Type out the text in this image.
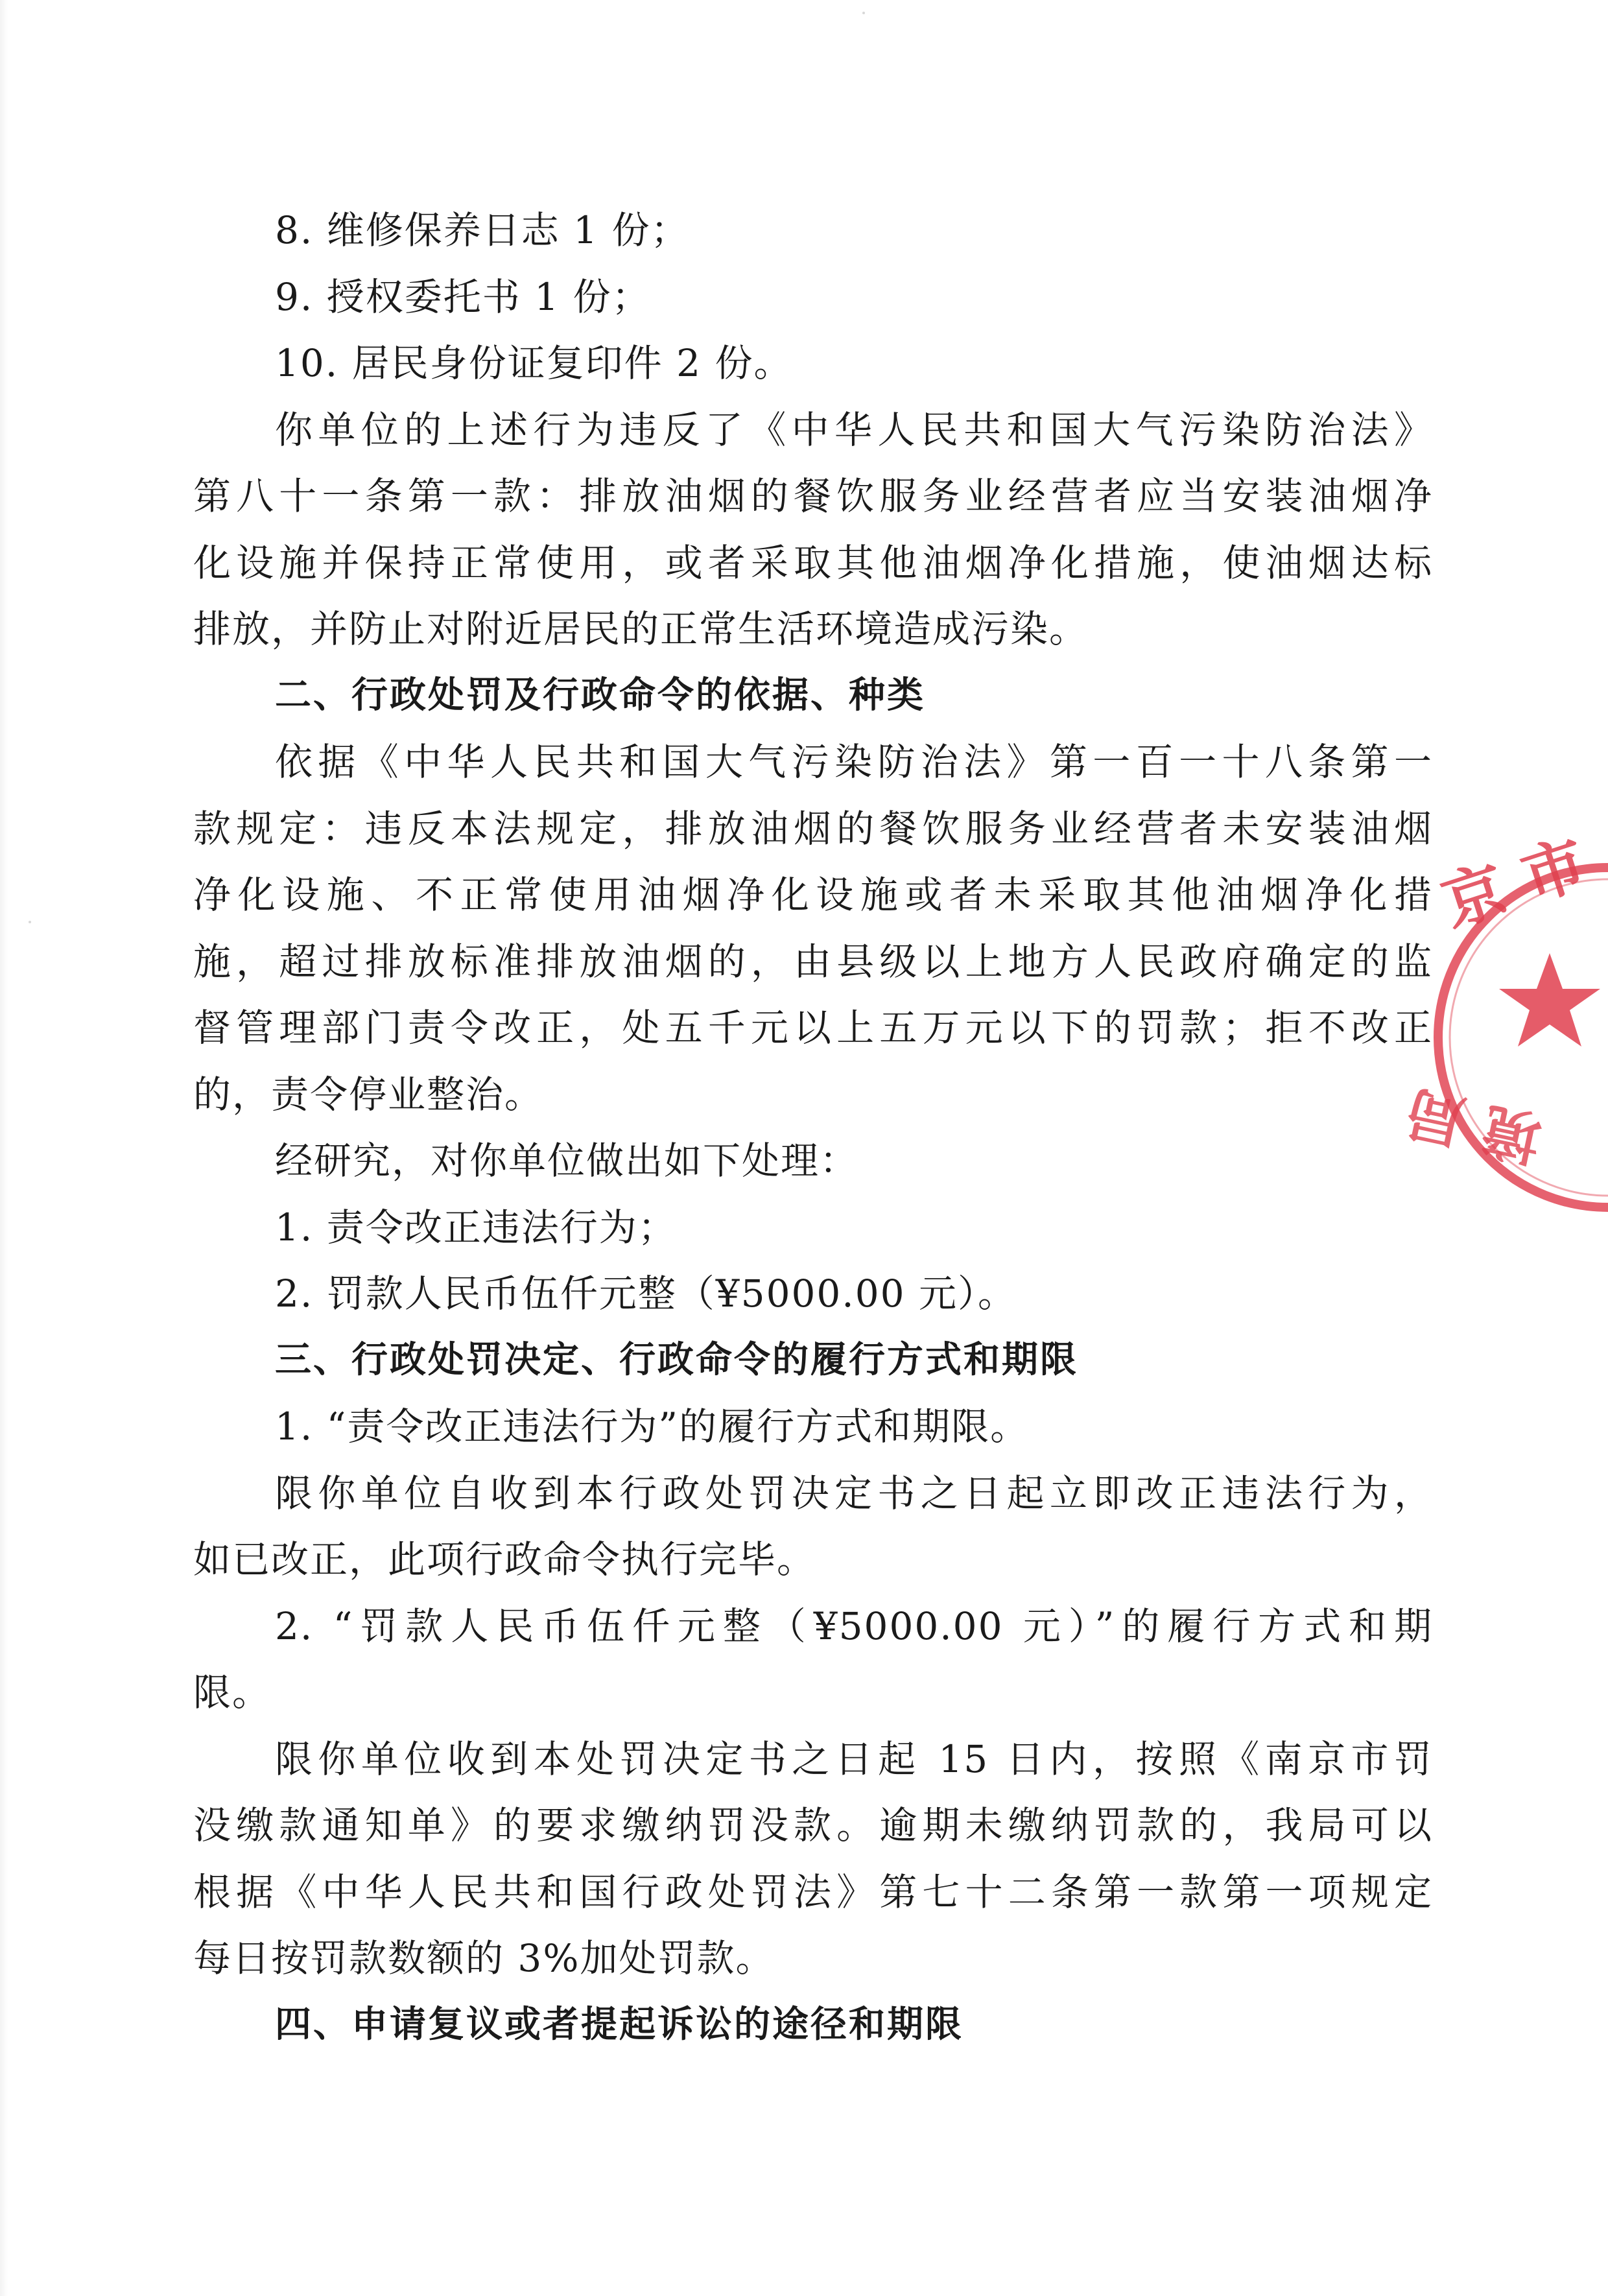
8. 维修保养日志 1 份；
9. 授权委托书 1 份；
10. 居民身份证复印件 2 份。
你单位的上述行为违反了《中华人民共和国大气污染防治法》
第八十一条第一款：排放油烟的餐饮服务业经营者应当安装油烟净
化设施并保持正常使用，或者采取其他油烟净化措施，使油烟达标
排放，并防止对附近居民的正常生活环境造成污染。
二、行政处罚及行政命令的依据、种类
依据《中华人民共和国大气污染防治法》第一百一十八条第一
款规定：违反本法规定，排放油烟的餐饮服务业经营者未安装油烟
净化设施、不正常使用油烟净化设施或者未采取其他油烟净化措
施，超过排放标准排放油烟的，由县级以上地方人民政府确定的监
督管理部门责令改正，处五千元以上五万元以下的罚款；拒不改正
的，责令停业整治。
经研究，对你单位做出如下处理：
1. 责令改正违法行为；
2. 罚款人民币伍仟元整（¥5000.00 元）。
三、行政处罚决定、行政命令的履行方式和期限
1. “责令改正违法行为”的履行方式和期限。
限你单位自收到本行政处罚决定书之日起立即改正违法行为，
如已改正，此项行政命令执行完毕。
2. “罚款人民币伍仟元整（¥5000.00 元）”的履行方式和期
限。
限你单位收到本处罚决定书之日起 15 日内，按照《南京市罚
没缴款通知单》的要求缴纳罚没款。逾期未缴纳罚款的，我局可以
根据《中华人民共和国行政处罚法》第七十二条第一款第一项规定
每日按罚款数额的 3%加处罚款。
四、申请复议或者提起诉讼的途径和期限
京 市
境 局
